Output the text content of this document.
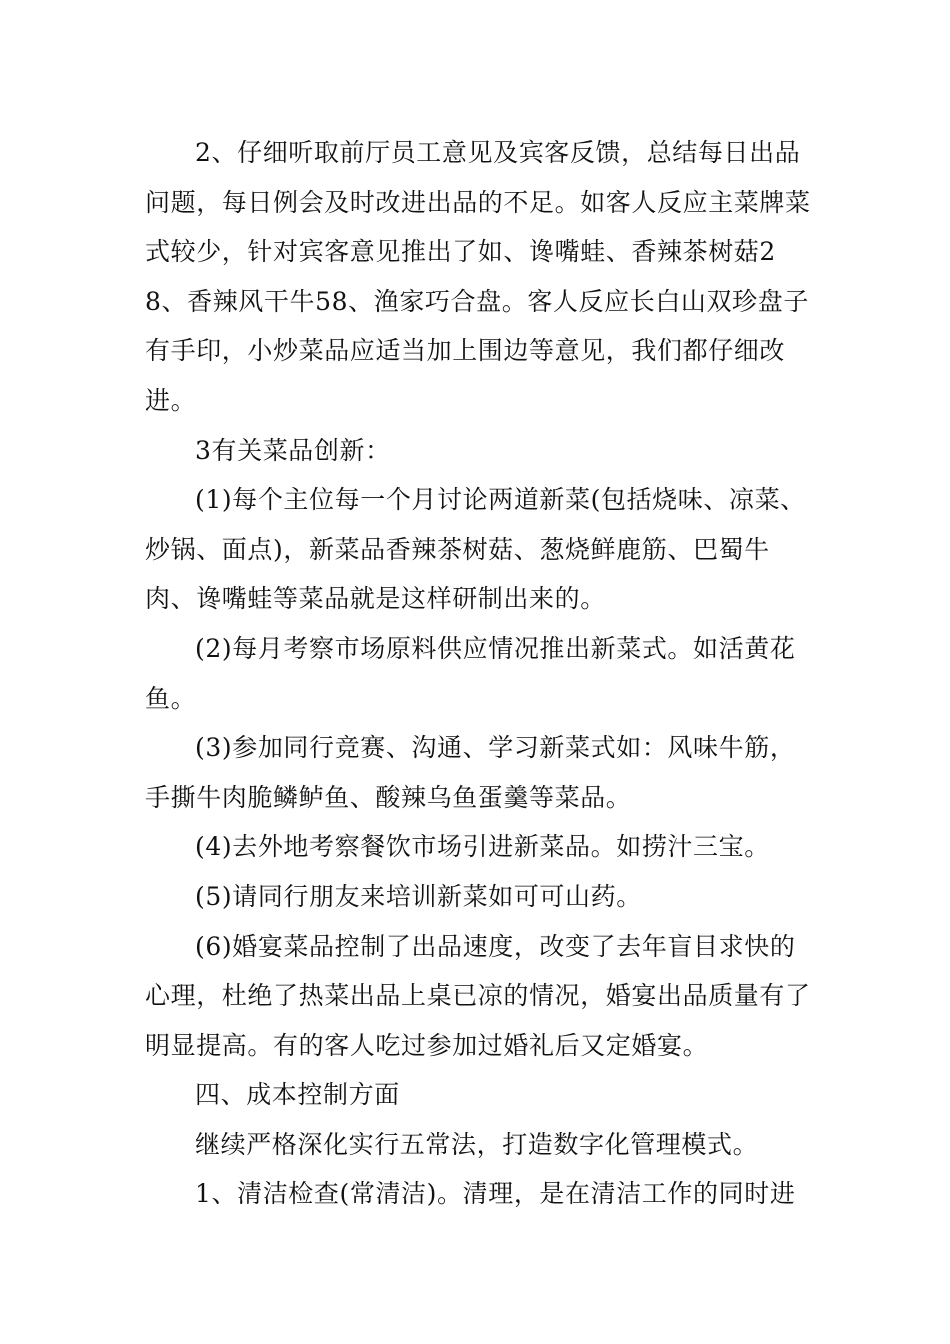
2、仔细听取前厅员工意见及宾客反馈，总结每日出品问题，每日例会及时改进出品的不足。如客人反应主菜牌菜式较少，针对宾客意见推出了如、谗嘴蛙、香辣茶树菇28、香辣风干牛58、渔家巧合盘。客人反应长白山双珍盘子有手印，小炒菜品应适当加上围边等意见，我们都仔细改进。

3有关菜品创新：

(1)每个主位每一个月讨论两道新菜(包括烧味、凉菜、炒锅、面点)，新菜品香辣茶树菇、葱烧鲜鹿筋、巴蜀牛肉、谗嘴蛙等菜品就是这样研制出来的。

(2)每月考察市场原料供应情况推出新菜式。如活黄花鱼。

(3)参加同行竞赛、沟通、学习新菜式如：风味牛筋，手撕牛肉脆鳞鲈鱼、酸辣乌鱼蛋羹等菜品。

(4)去外地考察餐饮市场引进新菜品。如捞汁三宝。

(5)请同行朋友来培训新菜如可可山药。

(6)婚宴菜品控制了出品速度，改变了去年盲目求快的心理，杜绝了热菜出品上桌已凉的情况，婚宴出品质量有了明显提高。有的客人吃过参加过婚礼后又定婚宴。

四、成本控制方面

继续严格深化实行五常法，打造数字化管理模式。

1、清洁检查(常清洁)。清理，是在清洁工作的同时进
